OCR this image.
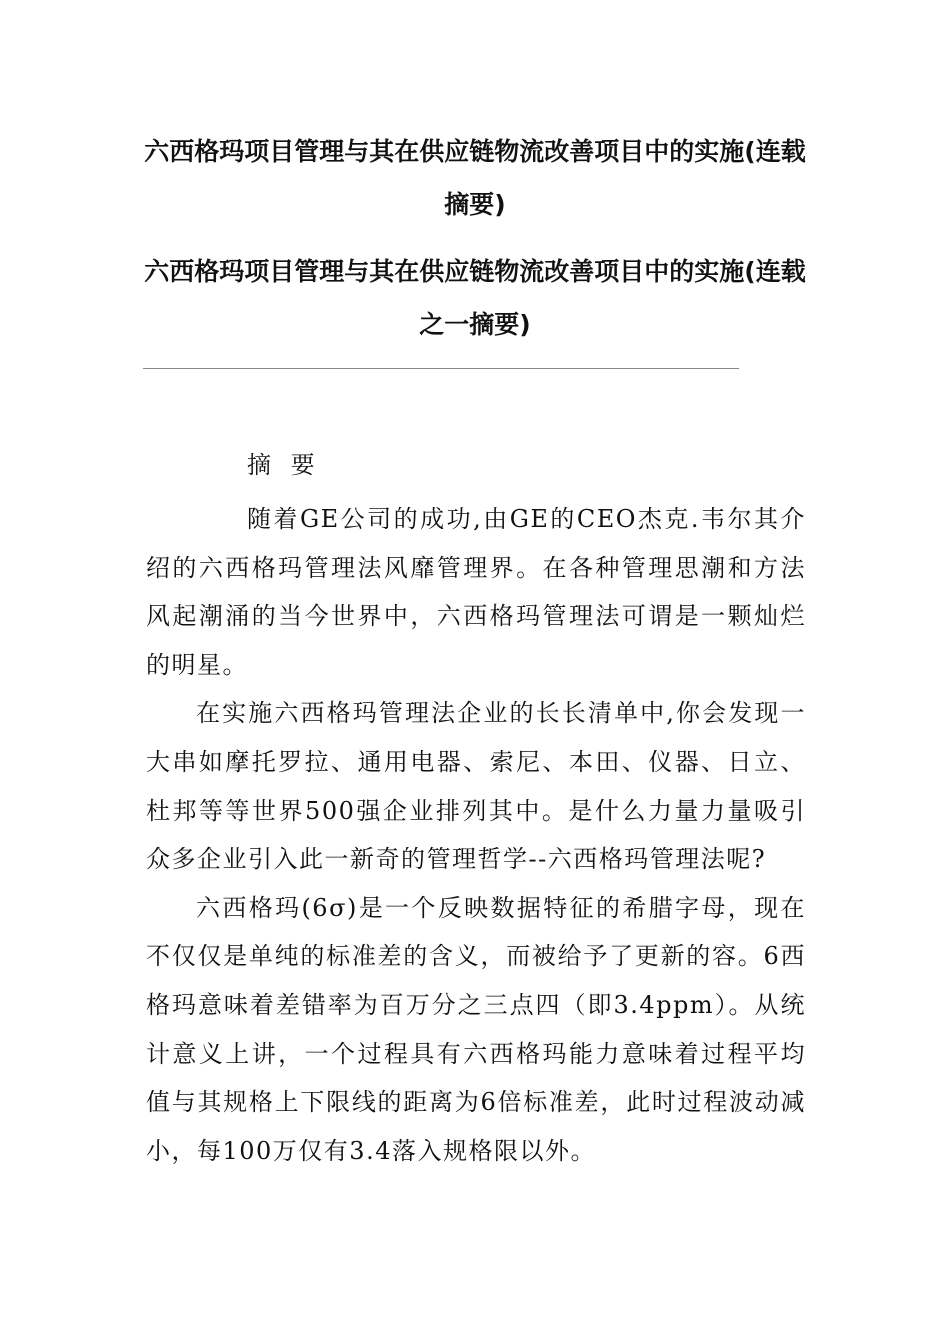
六西格玛项目管理与其在供应链物流改善项目中的实施(连载摘要)
六西格玛项目管理与其在供应链物流改善项目中的实施(连载之一摘要)

摘 要

随着GE公司的成功,由GE的CEO杰克.韦尔其介绍的六西格玛管理法风靡管理界。在各种管理思潮和方法风起潮涌的当今世界中，六西格玛管理法可谓是一颗灿烂的明星。

在实施六西格玛管理法企业的长长清单中,你会发现一大串如摩托罗拉、通用电器、索尼、本田、仪器、日立、杜邦等等世界500强企业排列其中。是什么力量力量吸引众多企业引入此一新奇的管理哲学--六西格玛管理法呢?

六西格玛(6σ)是一个反映数据特征的希腊字母，现在不仅仅是单纯的标准差的含义，而被给予了更新的容。6西格玛意味着差错率为百万分之三点四（即3.4ppm）。从统计意义上讲，一个过程具有六西格玛能力意味着过程平均值与其规格上下限线的距离为6倍标准差，此时过程波动减小，每100万仅有3.4落入规格限以外。
